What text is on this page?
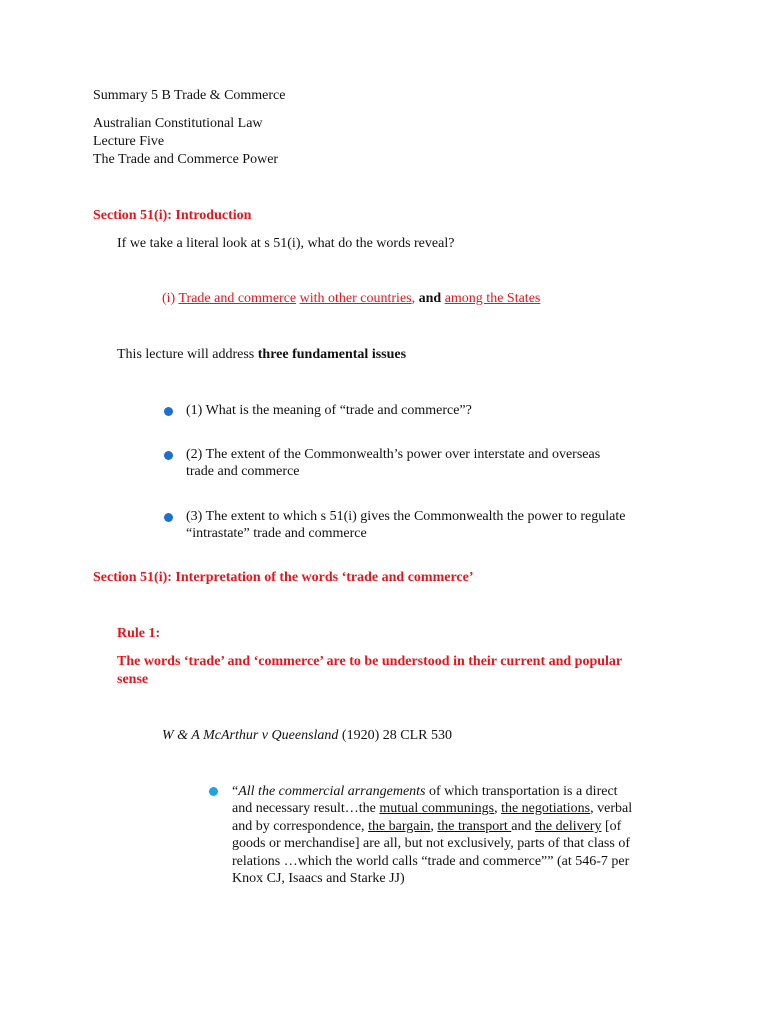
Summary 5 B Trade & Commerce
Australian Constitutional Law
Lecture Five
The Trade and Commerce Power
Section 51(i): Introduction
If we take a literal look at s 51(i), what do the words reveal?
(i) Trade and commerce with other countries, and among the States
This lecture will address three fundamental issues
(1) What is the meaning of “trade and commerce”?
(2) The extent of the Commonwealth’s power over interstate and overseas
trade and commerce
(3) The extent to which s 51(i) gives the Commonwealth the power to regulate
“intrastate” trade and commerce
Section 51(i): Interpretation of the words ‘trade and commerce’
Rule 1:
The words ‘trade’ and ‘commerce’ are to be understood in their current and popular
sense
W & A McArthur v Queensland (1920) 28 CLR 530
“All the commercial arrangements of which transportation is a direct
and necessary result…the mutual communings, the negotiations, verbal
and by correspondence, the bargain, the transport and the delivery [of
goods or merchandise] are all, but not exclusively, parts of that class of
relations …which the world calls “trade and commerce”” (at 546-7 per
Knox CJ, Isaacs and Starke JJ)
